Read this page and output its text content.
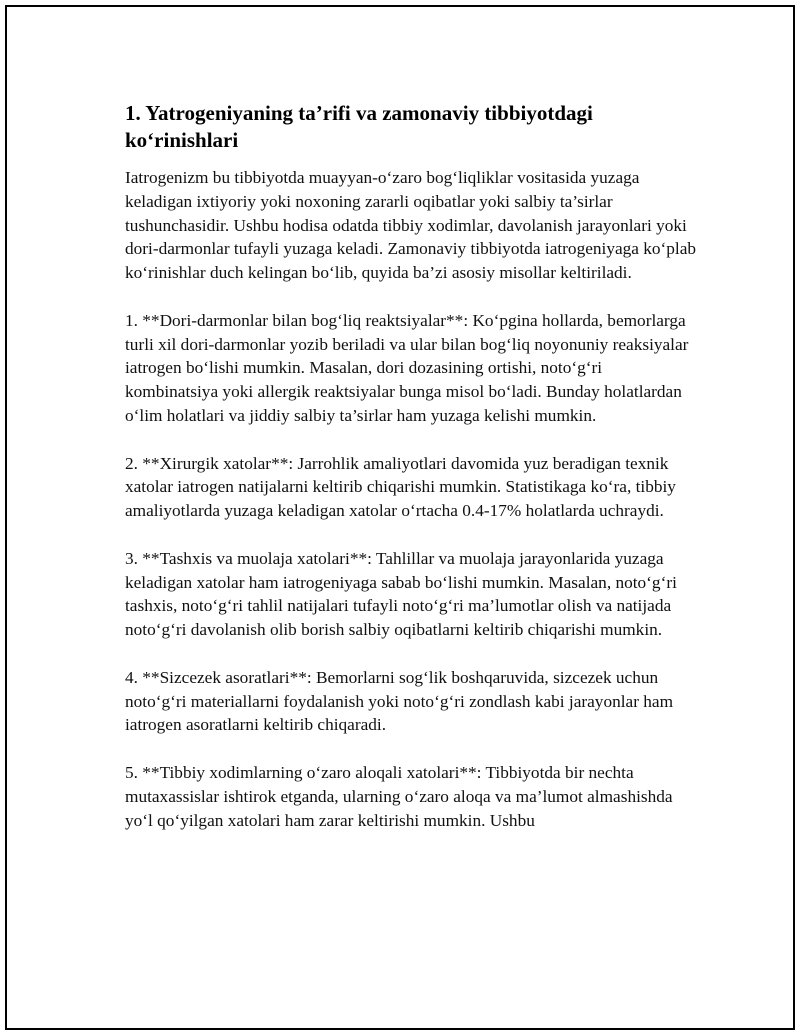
1. Yatrogeniyaning ta’rifi va zamonaviy tibbiyotdagi ko‘rinishlari

Iatrogenizm bu tibbiyotda muayyan-o‘zaro bog‘liqliklar vositasida yuzaga keladigan ixtiyoriy yoki noxoning zararli oqibatlar yoki salbiy ta’sirlar tushunchasidir. Ushbu hodisa odatda tibbiy xodimlar, davolanish jarayonlari yoki dori-darmonlar tufayli yuzaga keladi. Zamonaviy tibbiyotda iatrogeniyaga ko‘plab ko‘rinishlar duch kelingan bo‘lib, quyida ba’zi asosiy misollar keltiriladi.

1. **Dori-darmonlar bilan bog‘liq reaktsiyalar**: Ko‘pgina hollarda, bemorlarga turli xil dori-darmonlar yozib beriladi va ular bilan bog‘liq noyonuniy reaksiyalar iatrogen bo‘lishi mumkin. Masalan, dori dozasining ortishi, noto‘g‘ri kombinatsiya yoki allergik reaktsiyalar bunga misol bo‘ladi. Bunday holatlardan o‘lim holatlari va jiddiy salbiy ta’sirlar ham yuzaga kelishi mumkin.

2. **Xirurgik xatolar**: Jarrohlik amaliyotlari davomida yuz beradigan texnik xatolar iatrogen natijalarni keltirib chiqarishi mumkin. Statistikaga ko‘ra, tibbiy amaliyotlarda yuzaga keladigan xatolar o‘rtacha 0.4-17% holatlarda uchraydi.

3. **Tashxis va muolaja xatolari**: Tahlillar va muolaja jarayonlarida yuzaga keladigan xatolar ham iatrogeniyaga sabab bo‘lishi mumkin. Masalan, noto‘g‘ri tashxis, noto‘g‘ri tahlil natijalari tufayli noto‘g‘ri ma’lumotlar olish va natijada noto‘g‘ri davolanish olib borish salbiy oqibatlarni keltirib chiqarishi mumkin.

4. **Sizcezek asoratlari**: Bemorlarni sog‘lik boshqaruvida, sizcezek uchun noto‘g‘ri materiallarni foydalanish yoki noto‘g‘ri zondlash kabi jarayonlar ham iatrogen asoratlarni keltirib chiqaradi.

5. **Tibbiy xodimlarning o‘zaro aloqali xatolari**: Tibbiyotda bir nechta mutaxassislar ishtirok etganda, ularning o‘zaro aloqa va ma’lumot almashishda yo‘l qo‘yilgan xatolari ham zarar keltirishi mumkin. Ushbu
